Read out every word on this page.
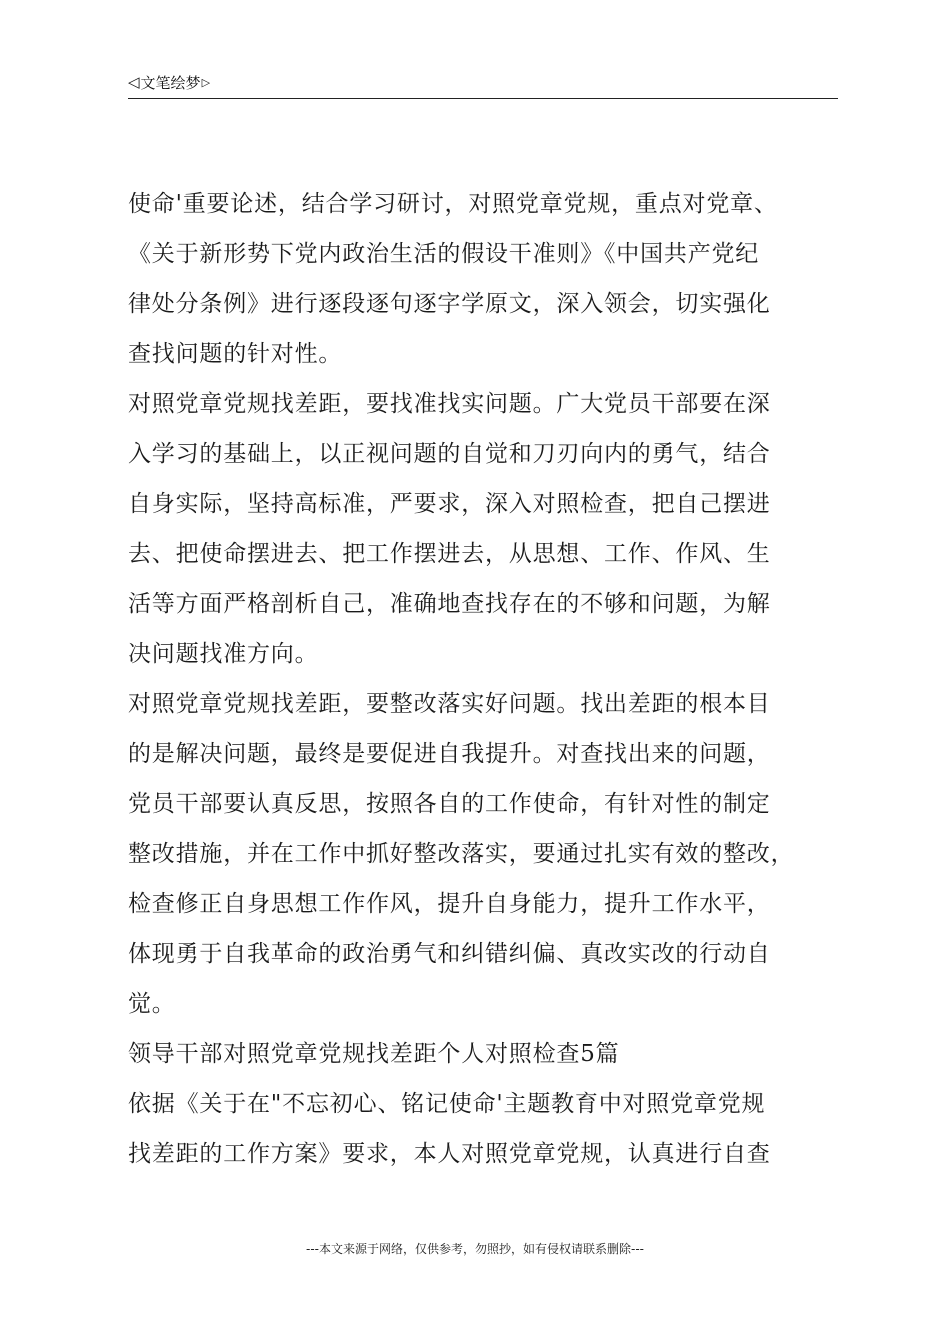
◁ 文笔绘梦 ▷
使命'重要论述，结合学习研讨，对照党章党规，重点对党章、
《关于新形势下党内政治生活的假设干准则》《中国共产党纪
律处分条例》进行逐段逐句逐字学原文，深入领会，切实强化
查找问题的针对性。
对照党章党规找差距，要找准找实问题。广大党员干部要在深
入学习的基础上，以正视问题的自觉和刀刃向内的勇气，结合
自身实际，坚持高标准，严要求，深入对照检查，把自己摆进
去、把使命摆进去、把工作摆进去，从思想、工作、作风、生
活等方面严格剖析自己，准确地查找存在的不够和问题，为解
决问题找准方向。
对照党章党规找差距，要整改落实好问题。找出差距的根本目
的是解决问题，最终是要促进自我提升。对查找出来的问题，
党员干部要认真反思，按照各自的工作使命，有针对性的制定
整改措施，并在工作中抓好整改落实，要通过扎实有效的整改，
检查修正自身思想工作作风，提升自身能力，提升工作水平，
体现勇于自我革命的政治勇气和纠错纠偏、真改实改的行动自
觉。
领导干部对照党章党规找差距个人对照检查5篇
依据《关于在"不忘初心、铭记使命'主题教育中对照党章党规
找差距的工作方案》要求，本人对照党章党规，认真进行自查
---本文来源于网络，仅供参考，勿照抄，如有侵权请联系删除---
